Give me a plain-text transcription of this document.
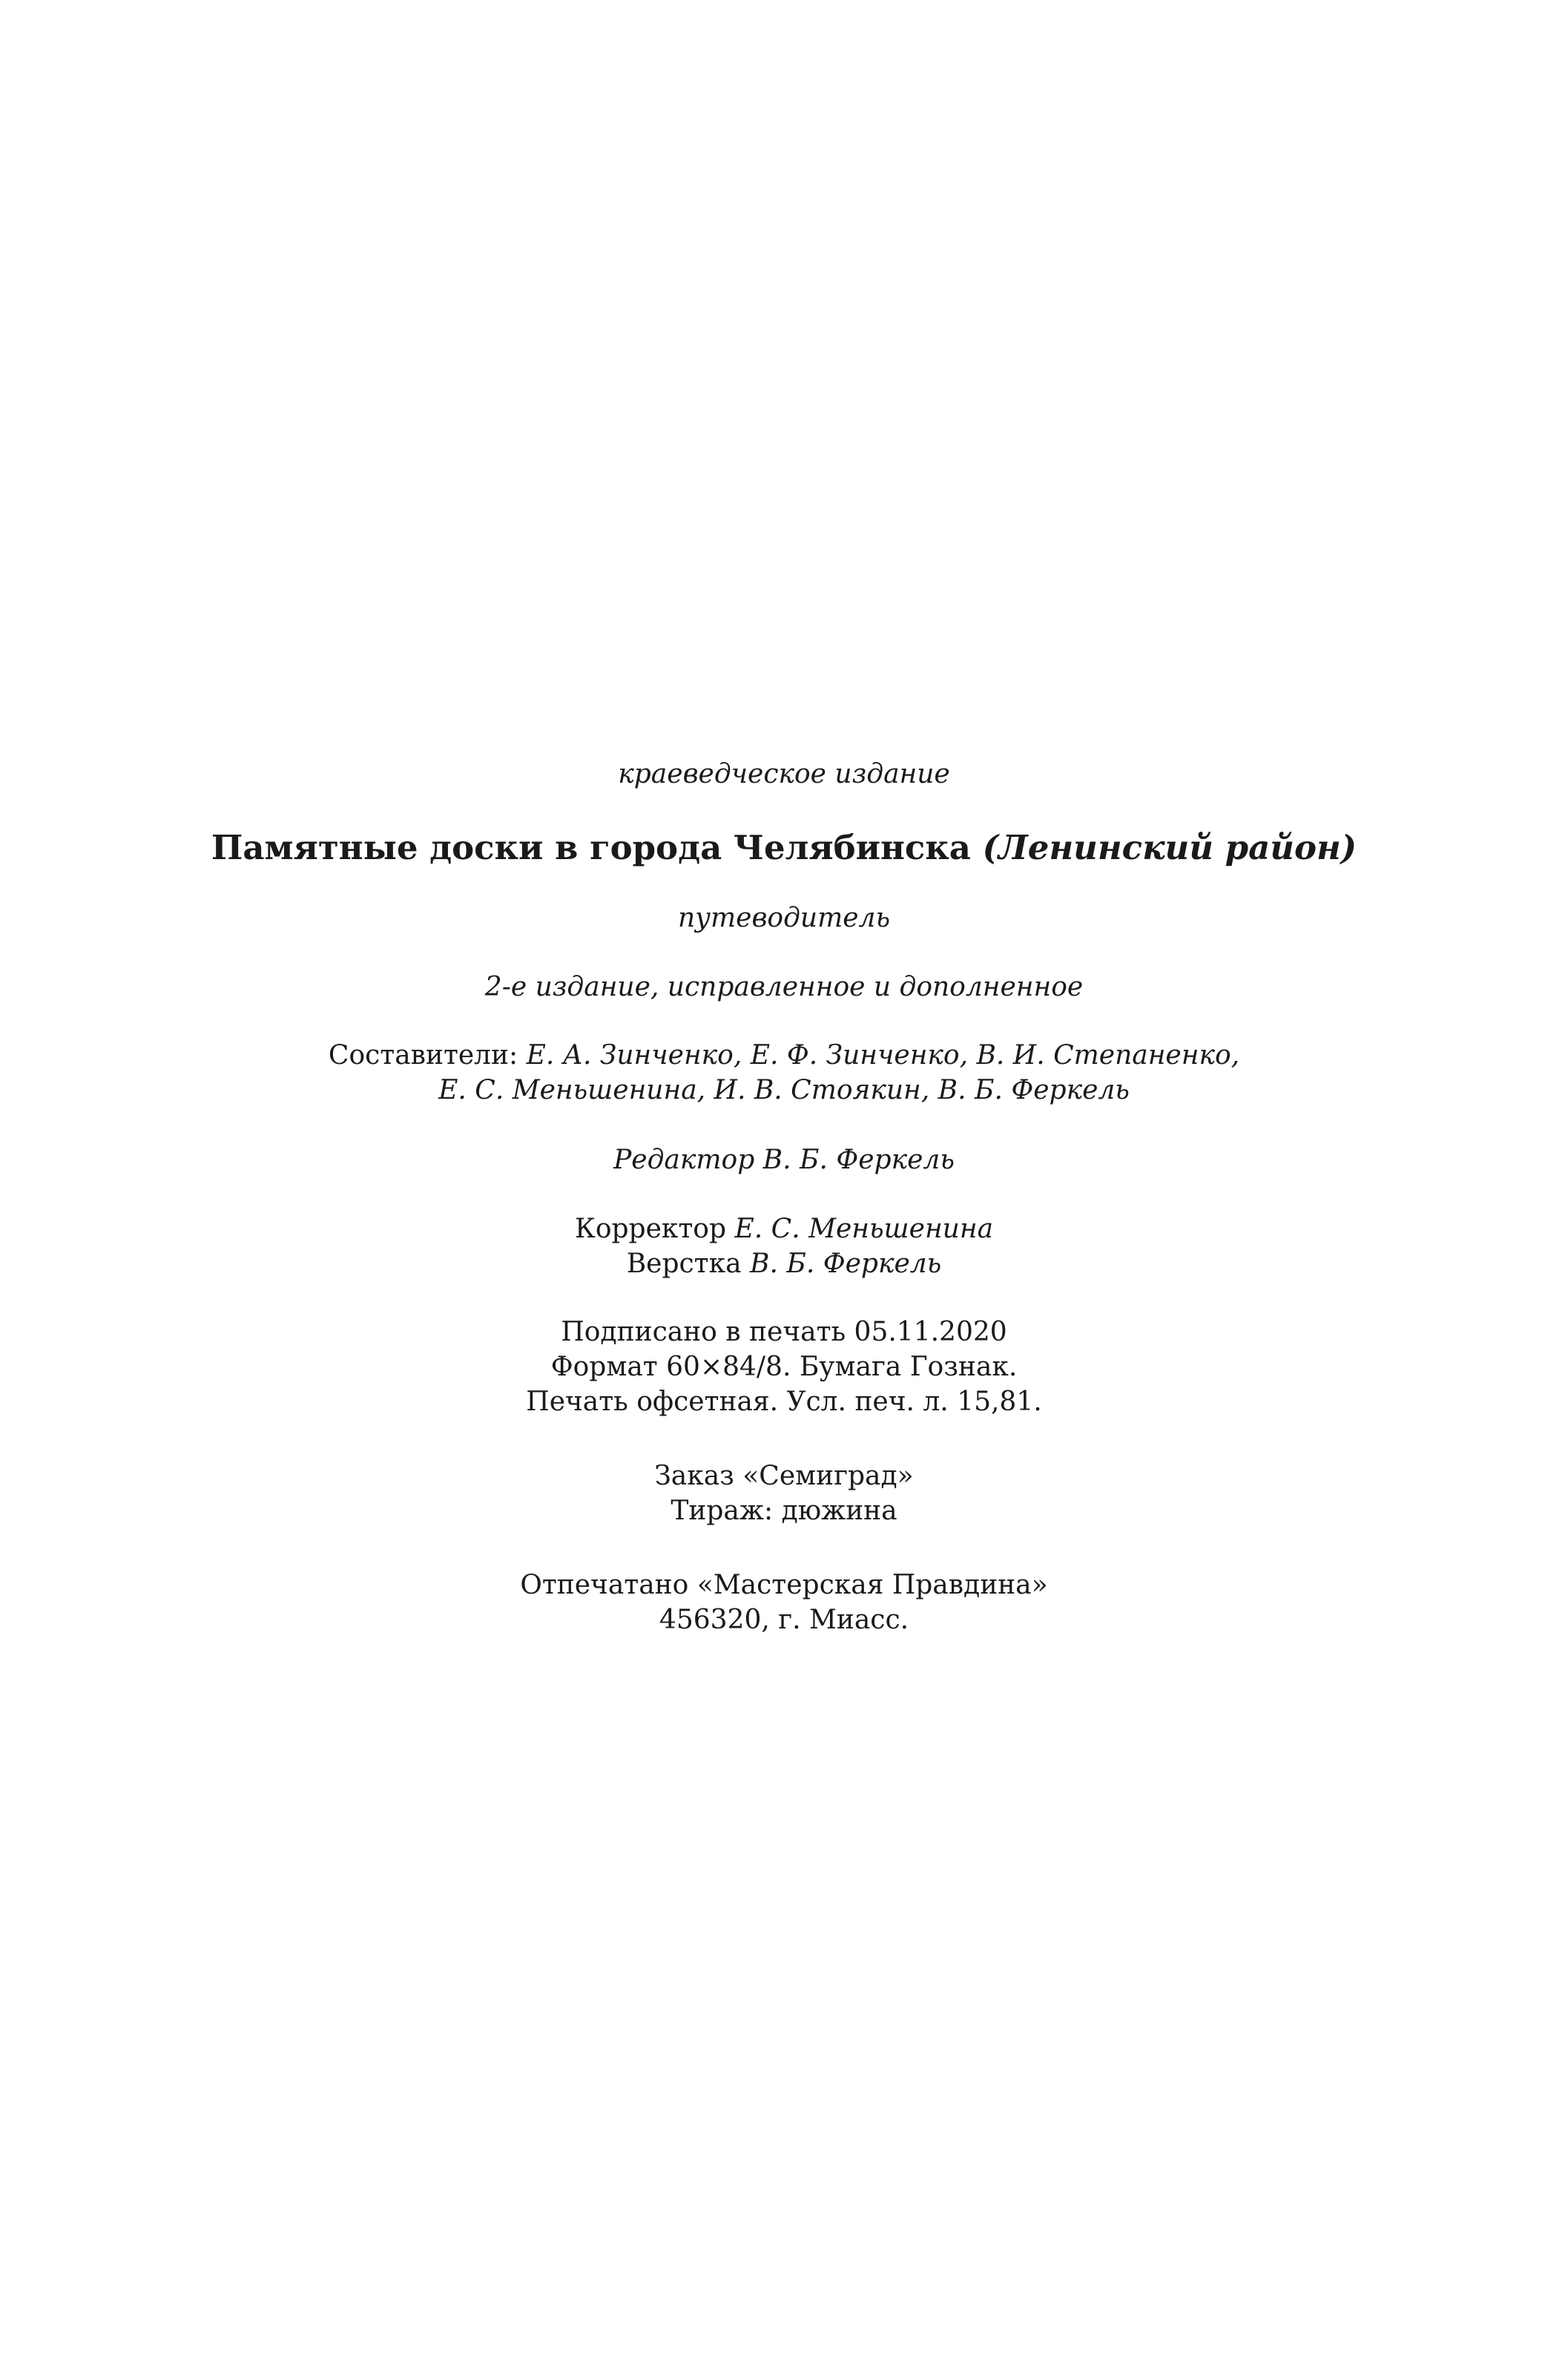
краеведческое издание
Памятные доски в города Челябинска (Ленинский район)
путеводитель
2-е издание, исправленное и дополненное
Составители: Е. А. Зинченко, Е. Ф. Зинченко, В. И. Степаненко,
Е. С. Меньшенина, И. В. Стоякин, В. Б. Феркель
Редактор В. Б. Феркель
Корректор Е. С. Меньшенина
Верстка В. Б. Феркель
Подписано в печать 05.11.2020
Формат 60×84/8. Бумага Гознак.
Печать офсетная. Усл. печ. л. 15,81.
Заказ «Семиград»
Тираж: дюжина
Отпечатано «Мастерская Правдина»
456320, г. Миасс.
